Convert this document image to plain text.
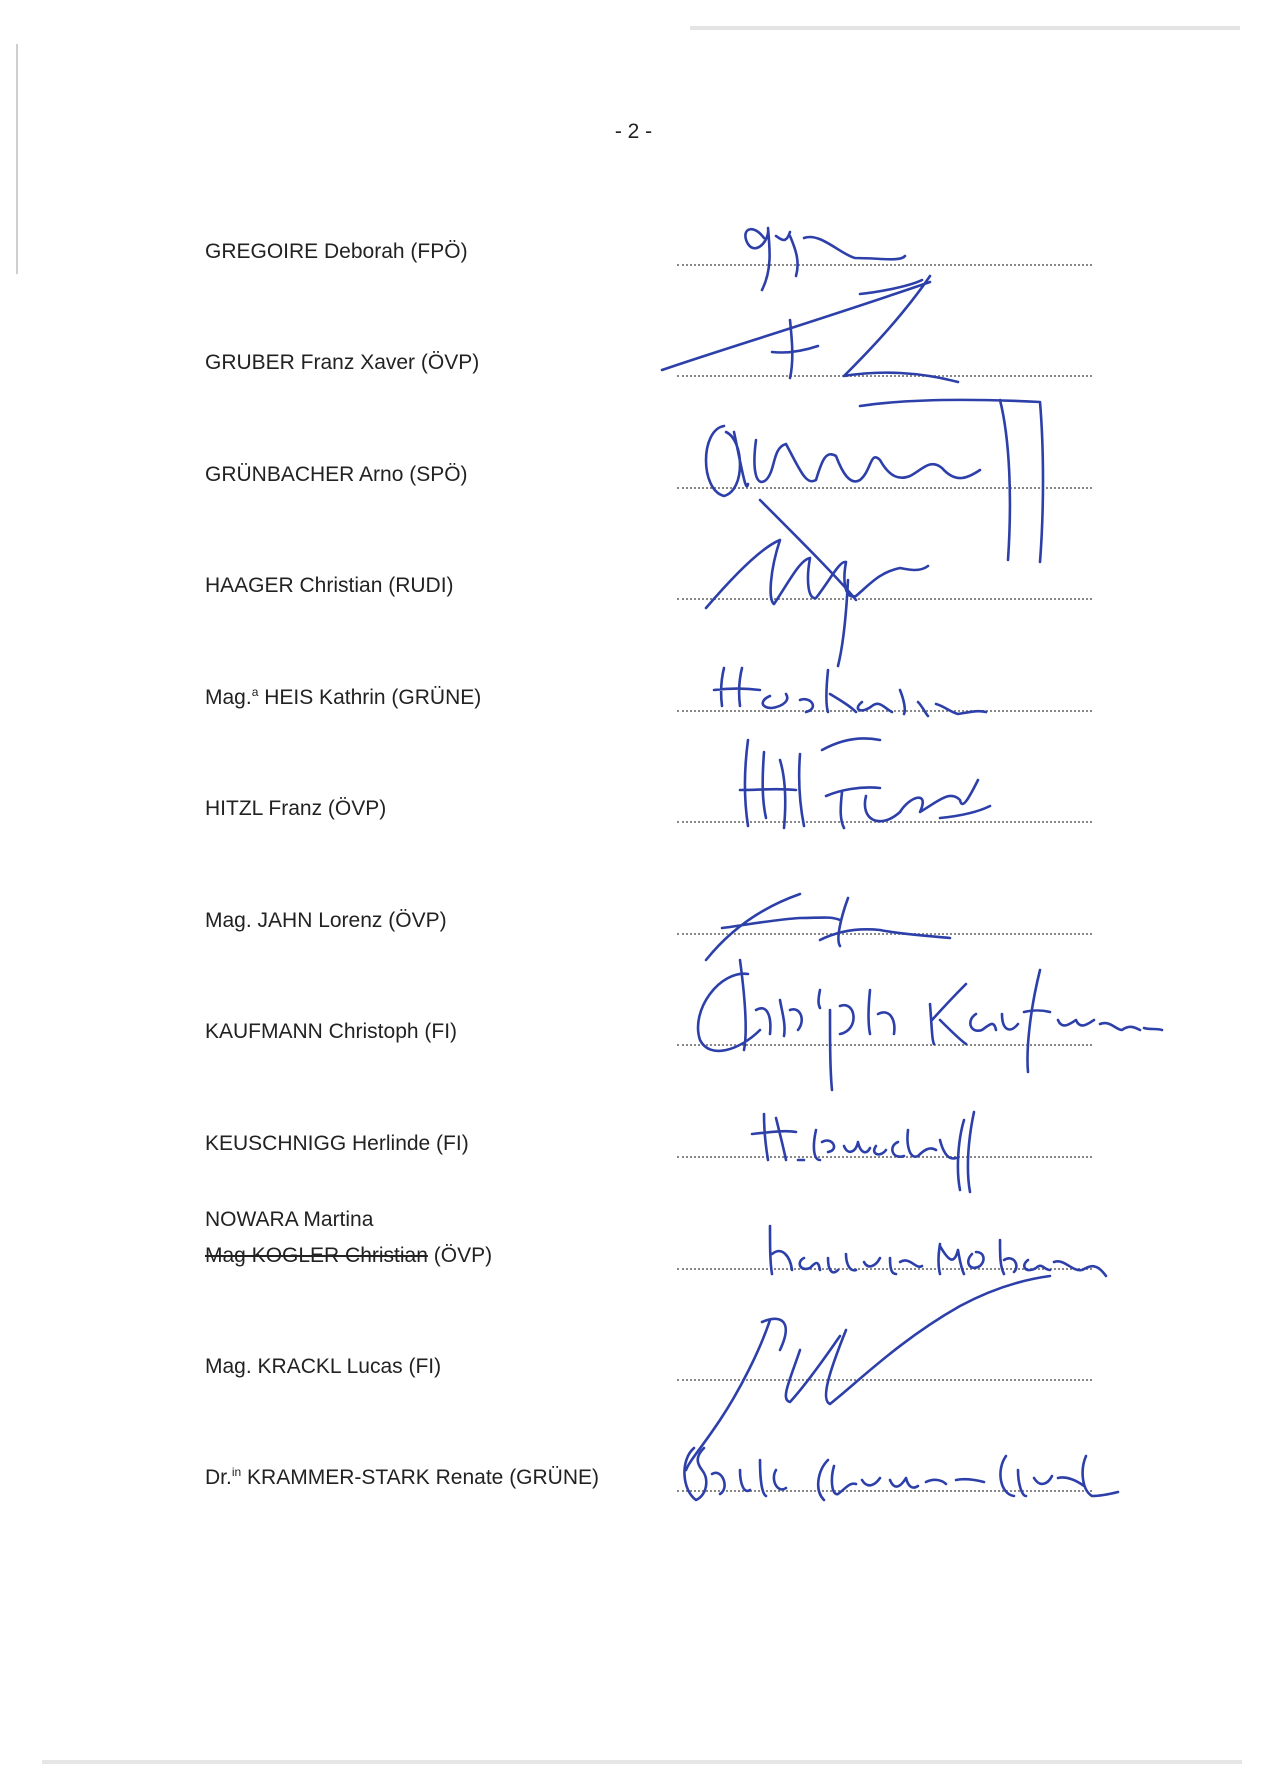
- 2 -
GREGOIRE Deborah (FPÖ)
GRUBER Franz Xaver (ÖVP)
GRÜNBACHER Arno (SPÖ)
HAAGER Christian (RUDI)
Mag.$^a$ HEIS Kathrin (GRÜNE)
HITZL Franz (ÖVP)
Mag. JAHN Lorenz (ÖVP)
KAUFMANN Christoph (FI)
KEUSCHNIGG Herlinde (FI)
NOWARA Martina
Mag KOGLER Christian (ÖVP)
Mag. KRACKL Lucas (FI)
Dr.$^{in}$ KRAMMER-STARK Renate (GRÜNE)
